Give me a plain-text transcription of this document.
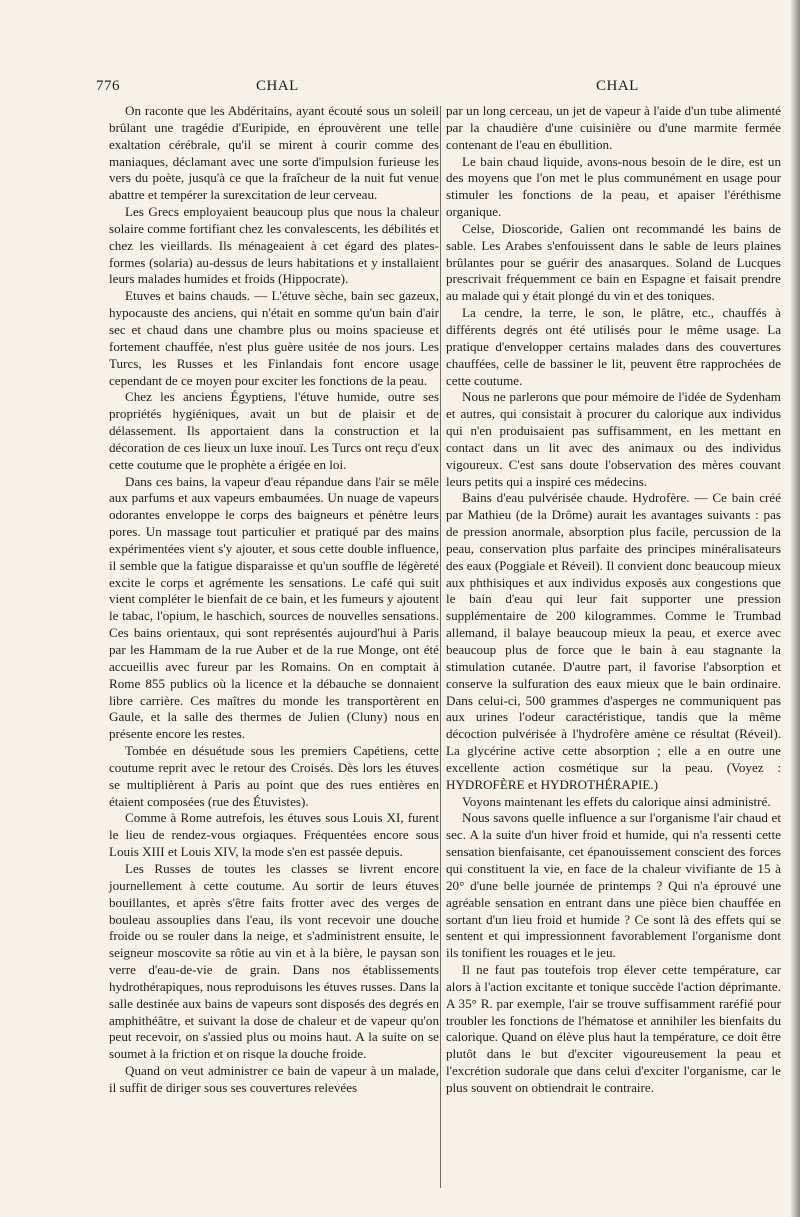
776	CHAL	CHAL

On raconte que les Abdéritains, ayant écouté sous un soleil brûlant une tragédie d'Euripide, en éprouvèrent une telle exaltation cérébrale, qu'il se mirent à courir comme des maniaques, déclamant avec une sorte d'impulsion furieuse les vers du poète, jusqu'à ce que la fraîcheur de la nuit fut venue abattre et tempérer la surexcitation de leur cerveau.

Les Grecs employaient beaucoup plus que nous la chaleur solaire comme fortifiant chez les convalescents, les débilités et chez les vieillards. Ils ménageaient à cet égard des plates-formes (solaria) au-dessus de leurs habitations et y installaient leurs malades humides et froids (Hippocrate).

Etuves et bains chauds. — L'étuve sèche, bain sec gazeux, hypocauste des anciens, qui n'était en somme qu'un bain d'air sec et chaud dans une chambre plus ou moins spacieuse et fortement chauffée, n'est plus guère usitée de nos jours. Les Turcs, les Russes et les Finlandais font encore usage cependant de ce moyen pour exciter les fonctions de la peau.

Chez les anciens Égyptiens, l'étuve humide, outre ses propriétés hygiéniques, avait un but de plaisir et de délassement. Ils apportaient dans la construction et la décoration de ces lieux un luxe inouï. Les Turcs ont reçu d'eux cette coutume que le prophète a érigée en loi.

Dans ces bains, la vapeur d'eau répandue dans l'air se mêle aux parfums et aux vapeurs embaumées. Un nuage de vapeurs odorantes enveloppe le corps des baigneurs et pénètre leurs pores. Un massage tout particulier et pratiqué par des mains expérimentées vient s'y ajouter, et sous cette double influence, il semble que la fatigue disparaisse et qu'un souffle de légèreté excite le corps et agrémente les sensations. Le café qui suit vient compléter le bienfait de ce bain, et les fumeurs y ajoutent le tabac, l'opium, le haschich, sources de nouvelles sensations. Ces bains orientaux, qui sont représentés aujourd'hui à Paris par les Hammam de la rue Auber et de la rue Monge, ont été accueillis avec fureur par les Romains. On en comptait à Rome 855 publics où la licence et la débauche se donnaient libre carrière. Ces maîtres du monde les transportèrent en Gaule, et la salle des thermes de Julien (Cluny) nous en présente encore les restes.

Tombée en désuétude sous les premiers Capétiens, cette coutume reprit avec le retour des Croisés. Dès lors les étuves se multiplièrent à Paris au point que des rues entières en étaient composées (rue des Étuvistes).

Comme à Rome autrefois, les étuves sous Louis XI, furent le lieu de rendez-vous orgiaques. Fréquentées encore sous Louis XIII et Louis XIV, la mode s'en est passée depuis.

Les Russes de toutes les classes se livrent encore journellement à cette coutume. Au sortir de leurs étuves bouillantes, et après s'être faits frotter avec des verges de bouleau assouplies dans l'eau, ils vont recevoir une douche froide ou se rouler dans la neige, et s'administrent ensuite, le seigneur moscovite sa rôtie au vin et à la bière, le paysan son verre d'eau-de-vie de grain. Dans nos établissements hydrothérapiques, nous reproduisons les étuves russes. Dans la salle destinée aux bains de vapeurs sont disposés des degrés en amphithéâtre, et suivant la dose de chaleur et de vapeur qu'on peut recevoir, on s'assied plus ou moins haut. A la suite on se soumet à la friction et on risque la douche froide.

Quand on veut administrer ce bain de vapeur à un malade, il suffit de diriger sous ses couvertures relevées

par un long cerceau, un jet de vapeur à l'aide d'un tube alimenté par la chaudière d'une cuisinière ou d'une marmite fermée contenant de l'eau en ébullition.

Le bain chaud liquide, avons-nous besoin de le dire, est un des moyens que l'on met le plus communément en usage pour stimuler les fonctions de la peau, et apaiser l'éréthisme organique.

Celse, Dioscoride, Galien ont recommandé les bains de sable. Les Arabes s'enfouissent dans le sable de leurs plaines brûlantes pour se guérir des anasarques. Soland de Lucques prescrivait fréquemment ce bain en Espagne et faisait prendre au malade qui y était plongé du vin et des toniques.

La cendre, la terre, le son, le plâtre, etc., chauffés à différents degrés ont été utilisés pour le même usage. La pratique d'envelopper certains malades dans des couvertures chauffées, celle de bassiner le lit, peuvent être rapprochées de cette coutume.

Nous ne parlerons que pour mémoire de l'idée de Sydenham et autres, qui consistait à procurer du calorique aux individus qui n'en produisaient pas suffisamment, en les mettant en contact dans un lit avec des animaux ou des individus vigoureux. C'est sans doute l'observation des mères couvant leurs petits qui a inspiré ces médecins.

Bains d'eau pulvérisée chaude. Hydrofère. — Ce bain créé par Mathieu (de la Drôme) aurait les avantages suivants : pas de pression anormale, absorption plus facile, percussion de la peau, conservation plus parfaite des principes minéralisateurs des eaux (Poggiale et Réveil). Il convient donc beaucoup mieux aux phthisiques et aux individus exposés aux congestions que le bain d'eau qui leur fait supporter une pression supplémentaire de 200 kilogrammes. Comme le Trumbad allemand, il balaye beaucoup mieux la peau, et exerce avec beaucoup plus de force que le bain à eau stagnante la stimulation cutanée. D'autre part, il favorise l'absorption et conserve la sulfuration des eaux mieux que le bain ordinaire. Dans celui-ci, 500 grammes d'asperges ne communiquent pas aux urines l'odeur caractéristique, tandis que la même décoction pulvérisée à l'hydrofère amène ce résultat (Réveil). La glycérine active cette absorption ; elle a en outre une excellente action cosmétique sur la peau. (Voyez : HYDROFÈRE et HYDROTHÉRAPIE.)

Voyons maintenant les effets du calorique ainsi administré.

Nous savons quelle influence a sur l'organisme l'air chaud et sec. A la suite d'un hiver froid et humide, qui n'a ressenti cette sensation bienfaisante, cet épanouissement conscient des forces qui constituent la vie, en face de la chaleur vivifiante de 15 à 20° d'une belle journée de printemps ? Qui n'a éprouvé une agréable sensation en entrant dans une pièce bien chauffée en sortant d'un lieu froid et humide ? Ce sont là des effets qui se sentent et qui impressionnent favorablement l'organisme dont ils tonifient les rouages et le jeu.

Il ne faut pas toutefois trop élever cette température, car alors à l'action excitante et tonique succède l'action déprimante. A 35° R. par exemple, l'air se trouve suffisamment raréfié pour troubler les fonctions de l'hématose et annihiler les bienfaits du calorique. Quand on élève plus haut la température, ce doit être plutôt dans le but d'exciter vigoureusement la peau et l'excrétion sudorale que dans celui d'exciter l'organisme, car le plus souvent on obtiendrait le contraire.
